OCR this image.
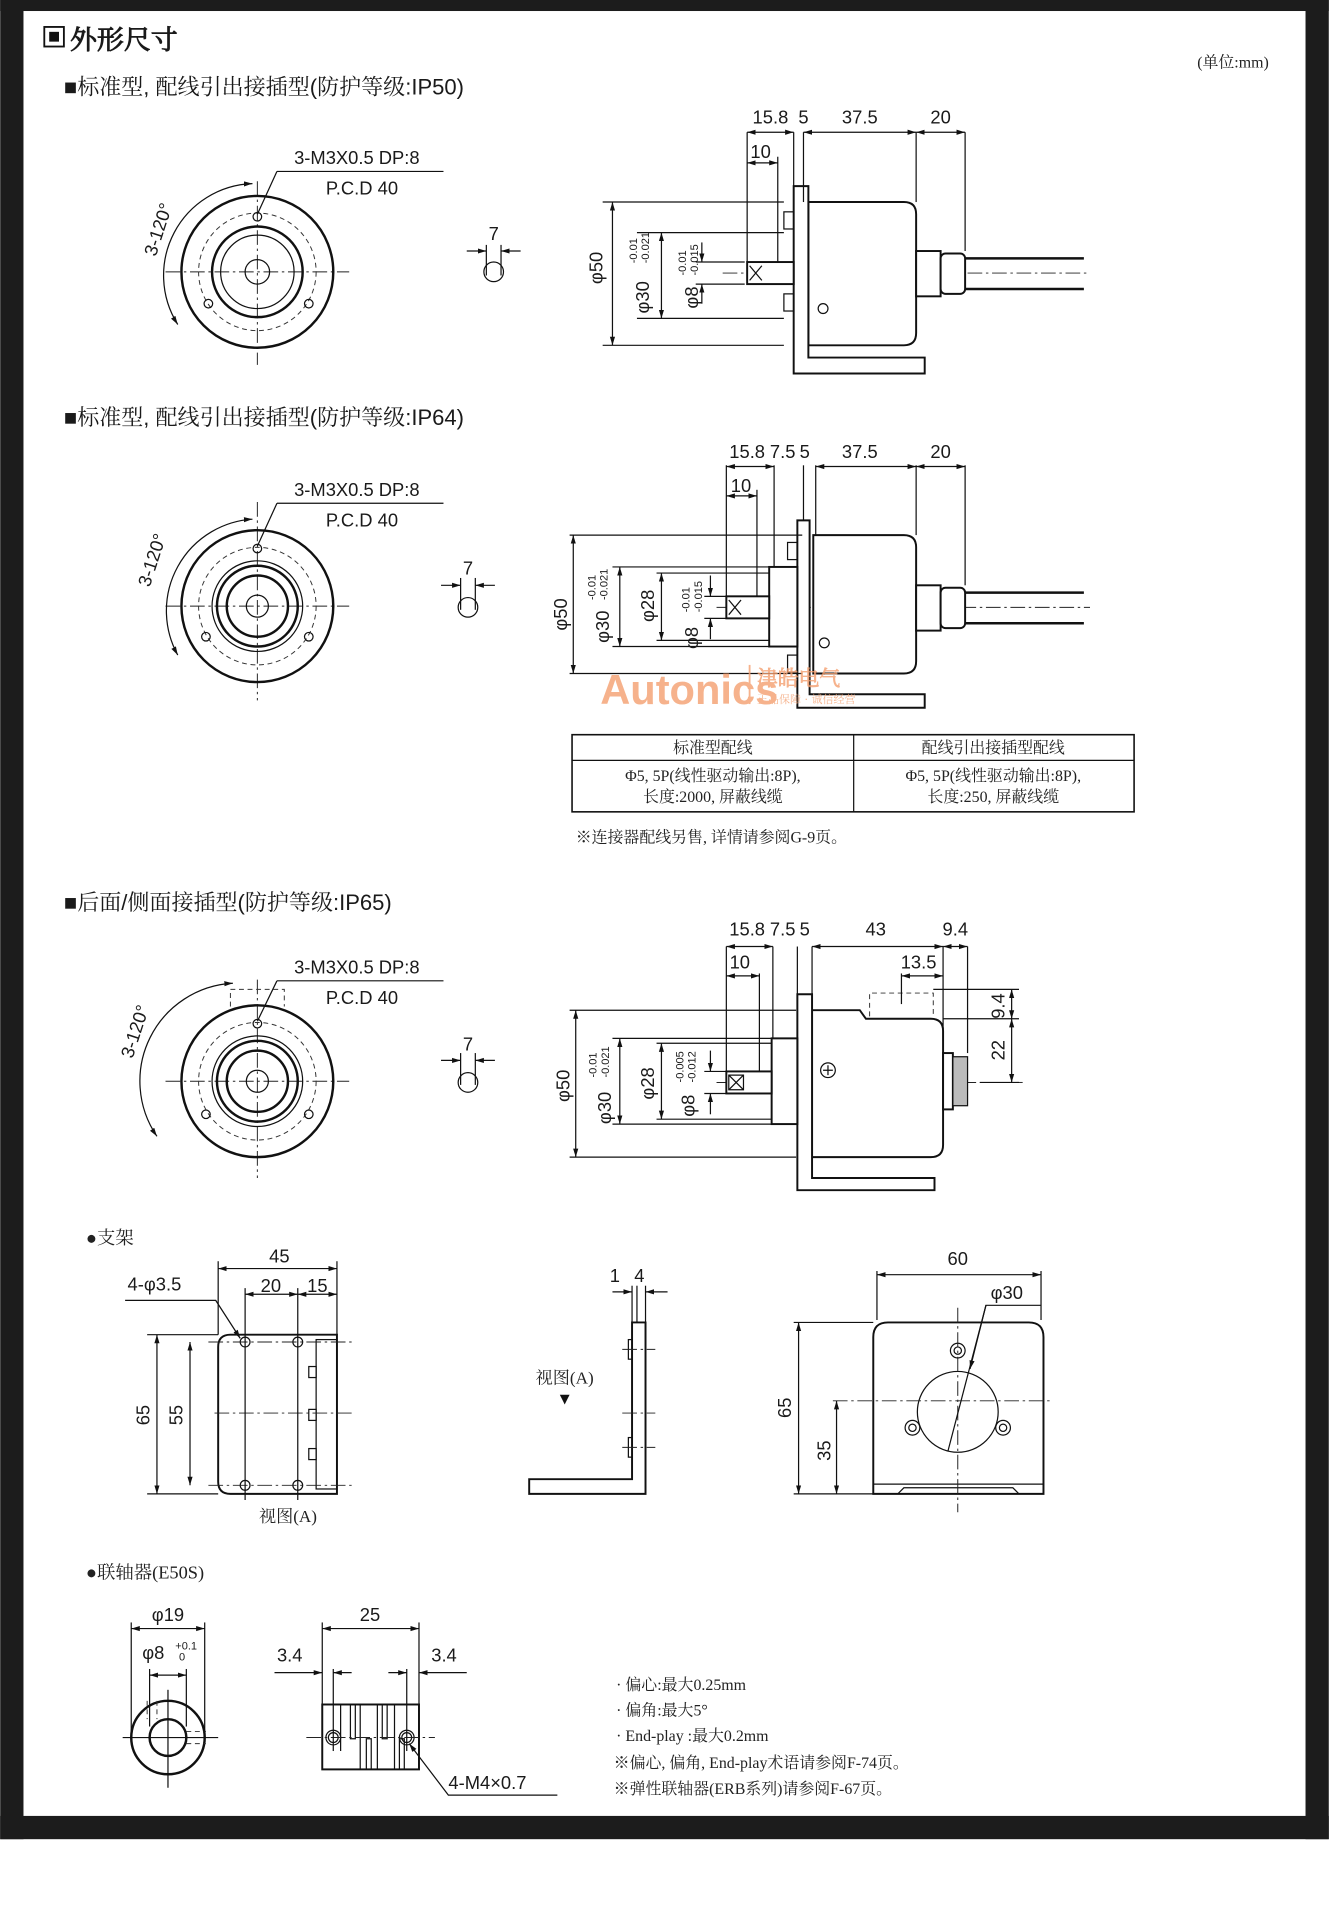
外形尺寸
(单位:mm)
■标准型, 配线引出接插型(防护等级:IP50)
3-120°
3-M3X0.5 DP:8
P.C.D 40
7
15.8 5 37.5	20
10
φ50
φ30
-0.01 -0.021
φ8
-0.01 -0.015
■标准型, 配线引出接插型(防护等级:IP64)
3-120°
3-M3X0.5 DP:8
P.C.D 40
7
15.8 7.5 5 37.5	20
10
φ50 φ30
-0.01 -0.021
φ28
φ8
-0.01 -0.015
Autonics
津皓电气
正品保障 · 诚信经营
标准型配线	配线引出接插型配线
Φ5, 5P(线性驱动输出:8P),	Φ5, 5P(线性驱动输出:8P),
长度:2000, 屏蔽线缆	长度:250, 屏蔽线缆
※连接器配线另售, 详情请参阅G-9页。
■后面/侧面接插型(防护等级:IP65)
3-120°
3-M3X0.5 DP:8
P.C.D 40
7
15.8 7.5 5	43	9.4
10	13.5
9.4
22
φ50
φ30
-0.01 -0.021
φ28
φ8
-0.005 -0.012
●支架
45
20 15
4-φ3.5
65 55
视图(A)
1 4
视图(A)
60
φ30
65
35
●联轴器(E50S)
φ19
φ8 +0.1
0
25
3.4	3.4
4-M4×0.7
· 偏心:最大0.25mm
· 偏角:最大5°
· End-play :最大0.2mm
※偏心, 偏角, End-play术语请参阅F-74页。
※弹性联轴器(ERB系列)请参阅F-67页。
